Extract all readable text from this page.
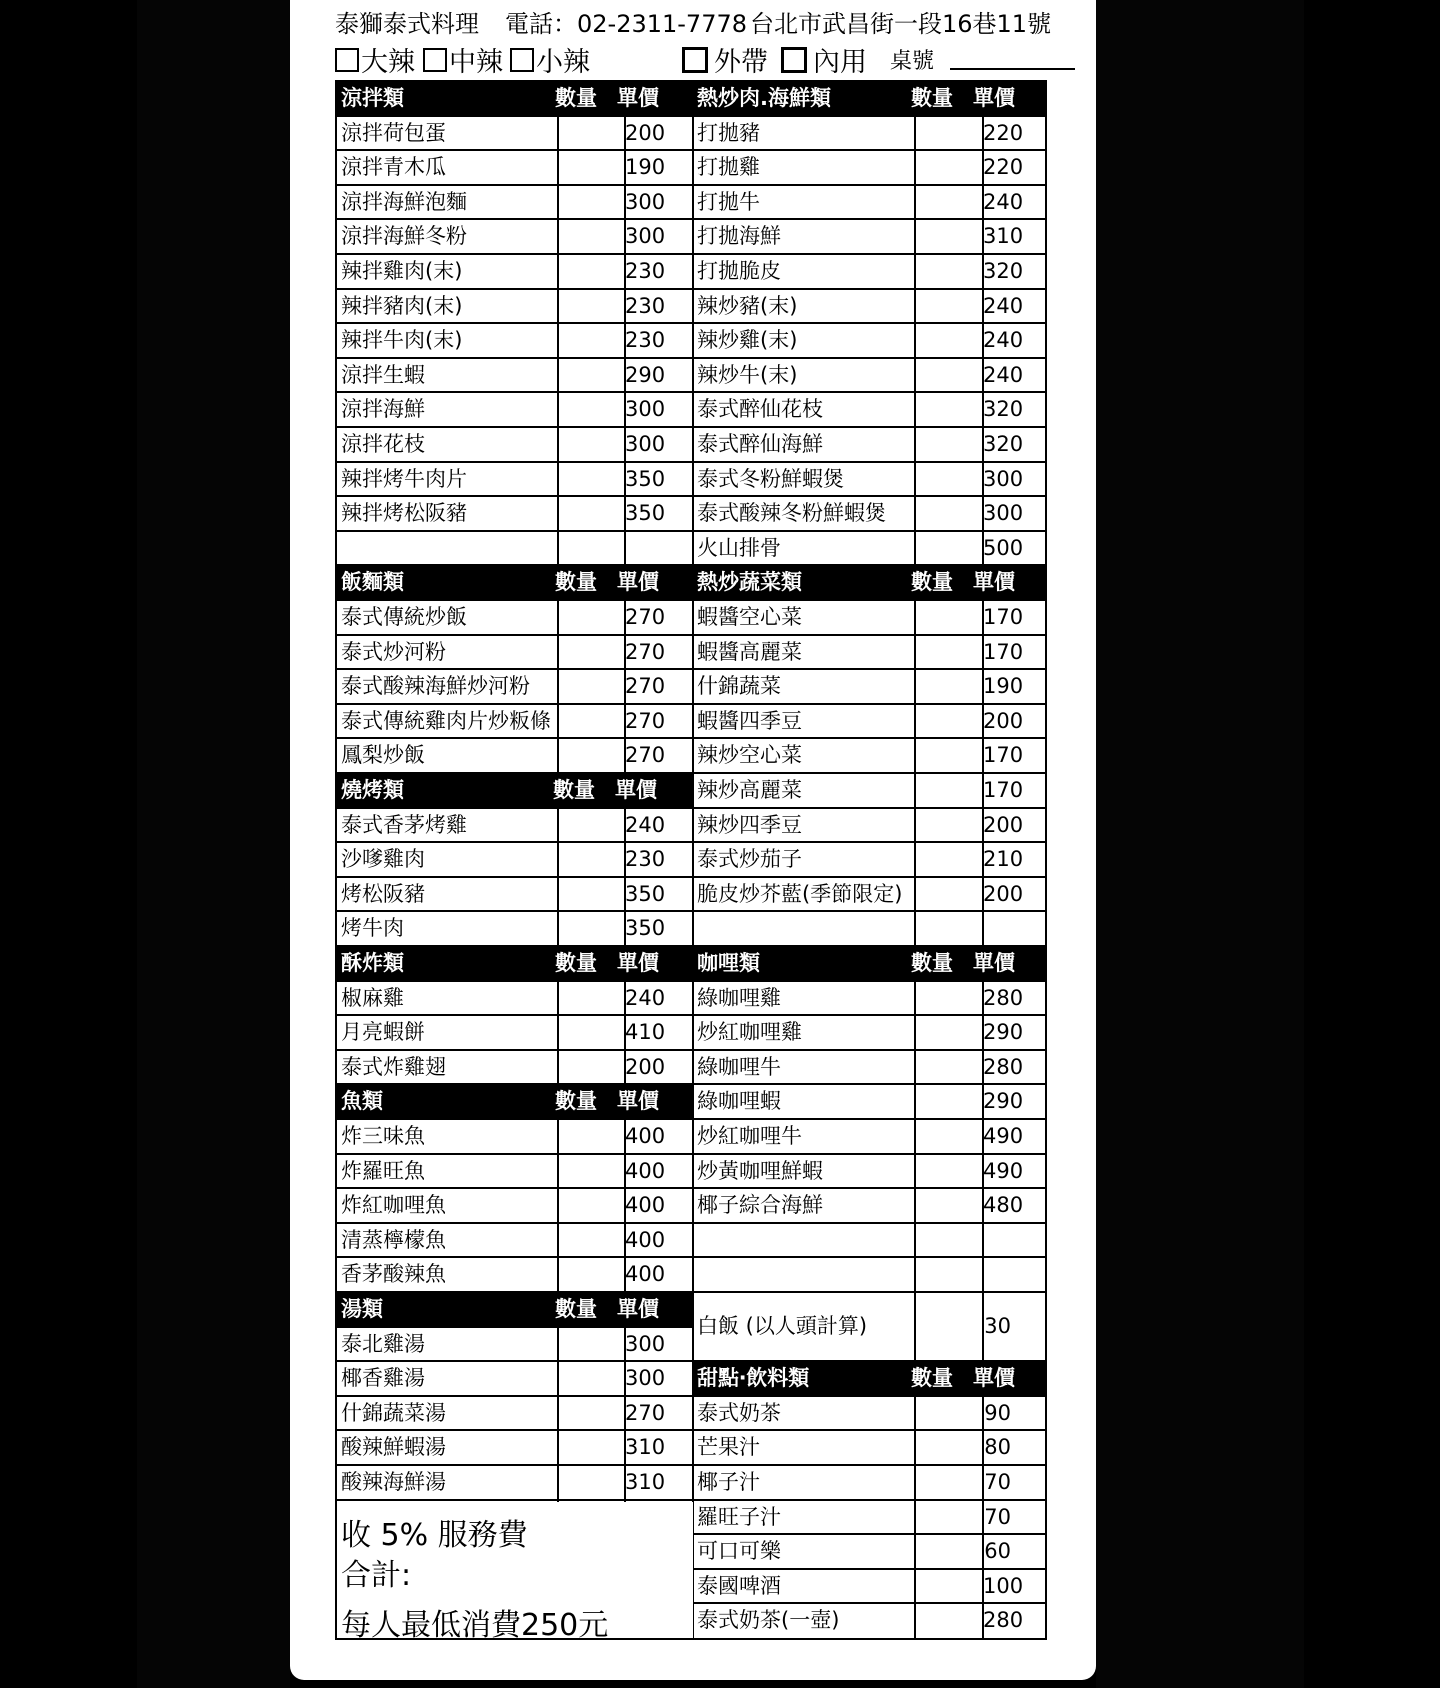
泰獅泰式料理 電話：02-2311-7778 台北市武昌街一段16巷11號
大辣 中辣 小辣	外帶 內用 桌號
涼拌類	數量 單價
涼拌荷包蛋	200
涼拌青木瓜	190
涼拌海鮮泡麵	300
涼拌海鮮冬粉	300
辣拌雞肉(末)	230
辣拌豬肉(末)	230
辣拌牛肉(末)	230
涼拌生蝦	290
涼拌海鮮	300
涼拌花枝	300
辣拌烤牛肉片	350
辣拌烤松阪豬	350
飯麵類	數量 單價
泰式傳統炒飯	270
泰式炒河粉	270
泰式酸辣海鮮炒河粉	270
泰式傳統雞肉片炒粄條	270
鳳梨炒飯	270
燒烤類	數量 單價
泰式香茅烤雞	240
沙嗲雞肉	230
烤松阪豬	350
烤牛肉	350
酥炸類	數量 單價
椒麻雞	240
月亮蝦餅	410
泰式炸雞翅	200
魚類	數量 單價
炸三味魚	400
炸羅旺魚	400
炸紅咖哩魚	400
清蒸檸檬魚	400
香茅酸辣魚	400
湯類	數量 單價
泰北雞湯	300
椰香雞湯	300
什錦蔬菜湯	270
酸辣鮮蝦湯	310
酸辣海鮮湯	310
熱炒肉.海鮮類	數量 單價
打拋豬	220
打拋雞	220
打拋牛	240
打拋海鮮	310
打拋脆皮	320
辣炒豬(末)	240
辣炒雞(末)	240
辣炒牛(末)	240
泰式醉仙花枝	320
泰式醉仙海鮮	320
泰式冬粉鮮蝦煲	300
泰式酸辣冬粉鮮蝦煲	300
火山排骨	500
熱炒蔬菜類	數量 單價
蝦醬空心菜	170
蝦醬高麗菜	170
什錦蔬菜	190
蝦醬四季豆	200
辣炒空心菜	170
辣炒高麗菜	170
辣炒四季豆	200
泰式炒茄子	210
脆皮炒芥藍(季節限定)	200
咖哩類	數量 單價
綠咖哩雞	280
炒紅咖哩雞	290
綠咖哩牛	280
綠咖哩蝦	290
炒紅咖哩牛	490
炒黃咖哩鮮蝦	490
椰子綜合海鮮	480
白飯 (以人頭計算)	30
甜點‧飲料類	數量 單價
泰式奶茶	90
芒果汁	80
椰子汁	70
羅旺子汁	70
可口可樂	60
泰國啤酒	100
泰式奶茶(一壺)	280
收 5% 服務費
合計:
每人最低消費250元
